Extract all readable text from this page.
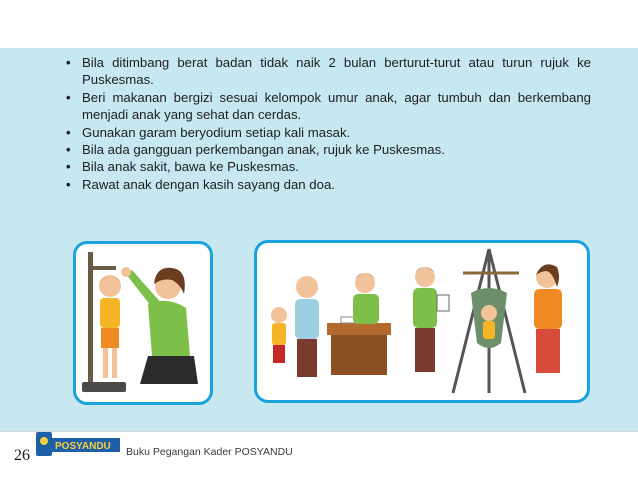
• Bila ditimbang berat badan tidak naik 2 bulan berturut-turut atau turun rujuk ke Puskesmas.
• Beri makanan bergizi sesuai kelompok umur anak, agar tumbuh dan berkembang menjadi anak yang sehat dan cerdas.
• Gunakan garam beryodium setiap kali masak.
• Bila ada gangguan perkembangan anak, rujuk ke Puskesmas.
• Bila anak sakit, bawa ke Puskesmas.
• Rawat anak dengan kasih sayang dan doa.
26
POSYANDU Buku Pegangan Kader POSYANDU
